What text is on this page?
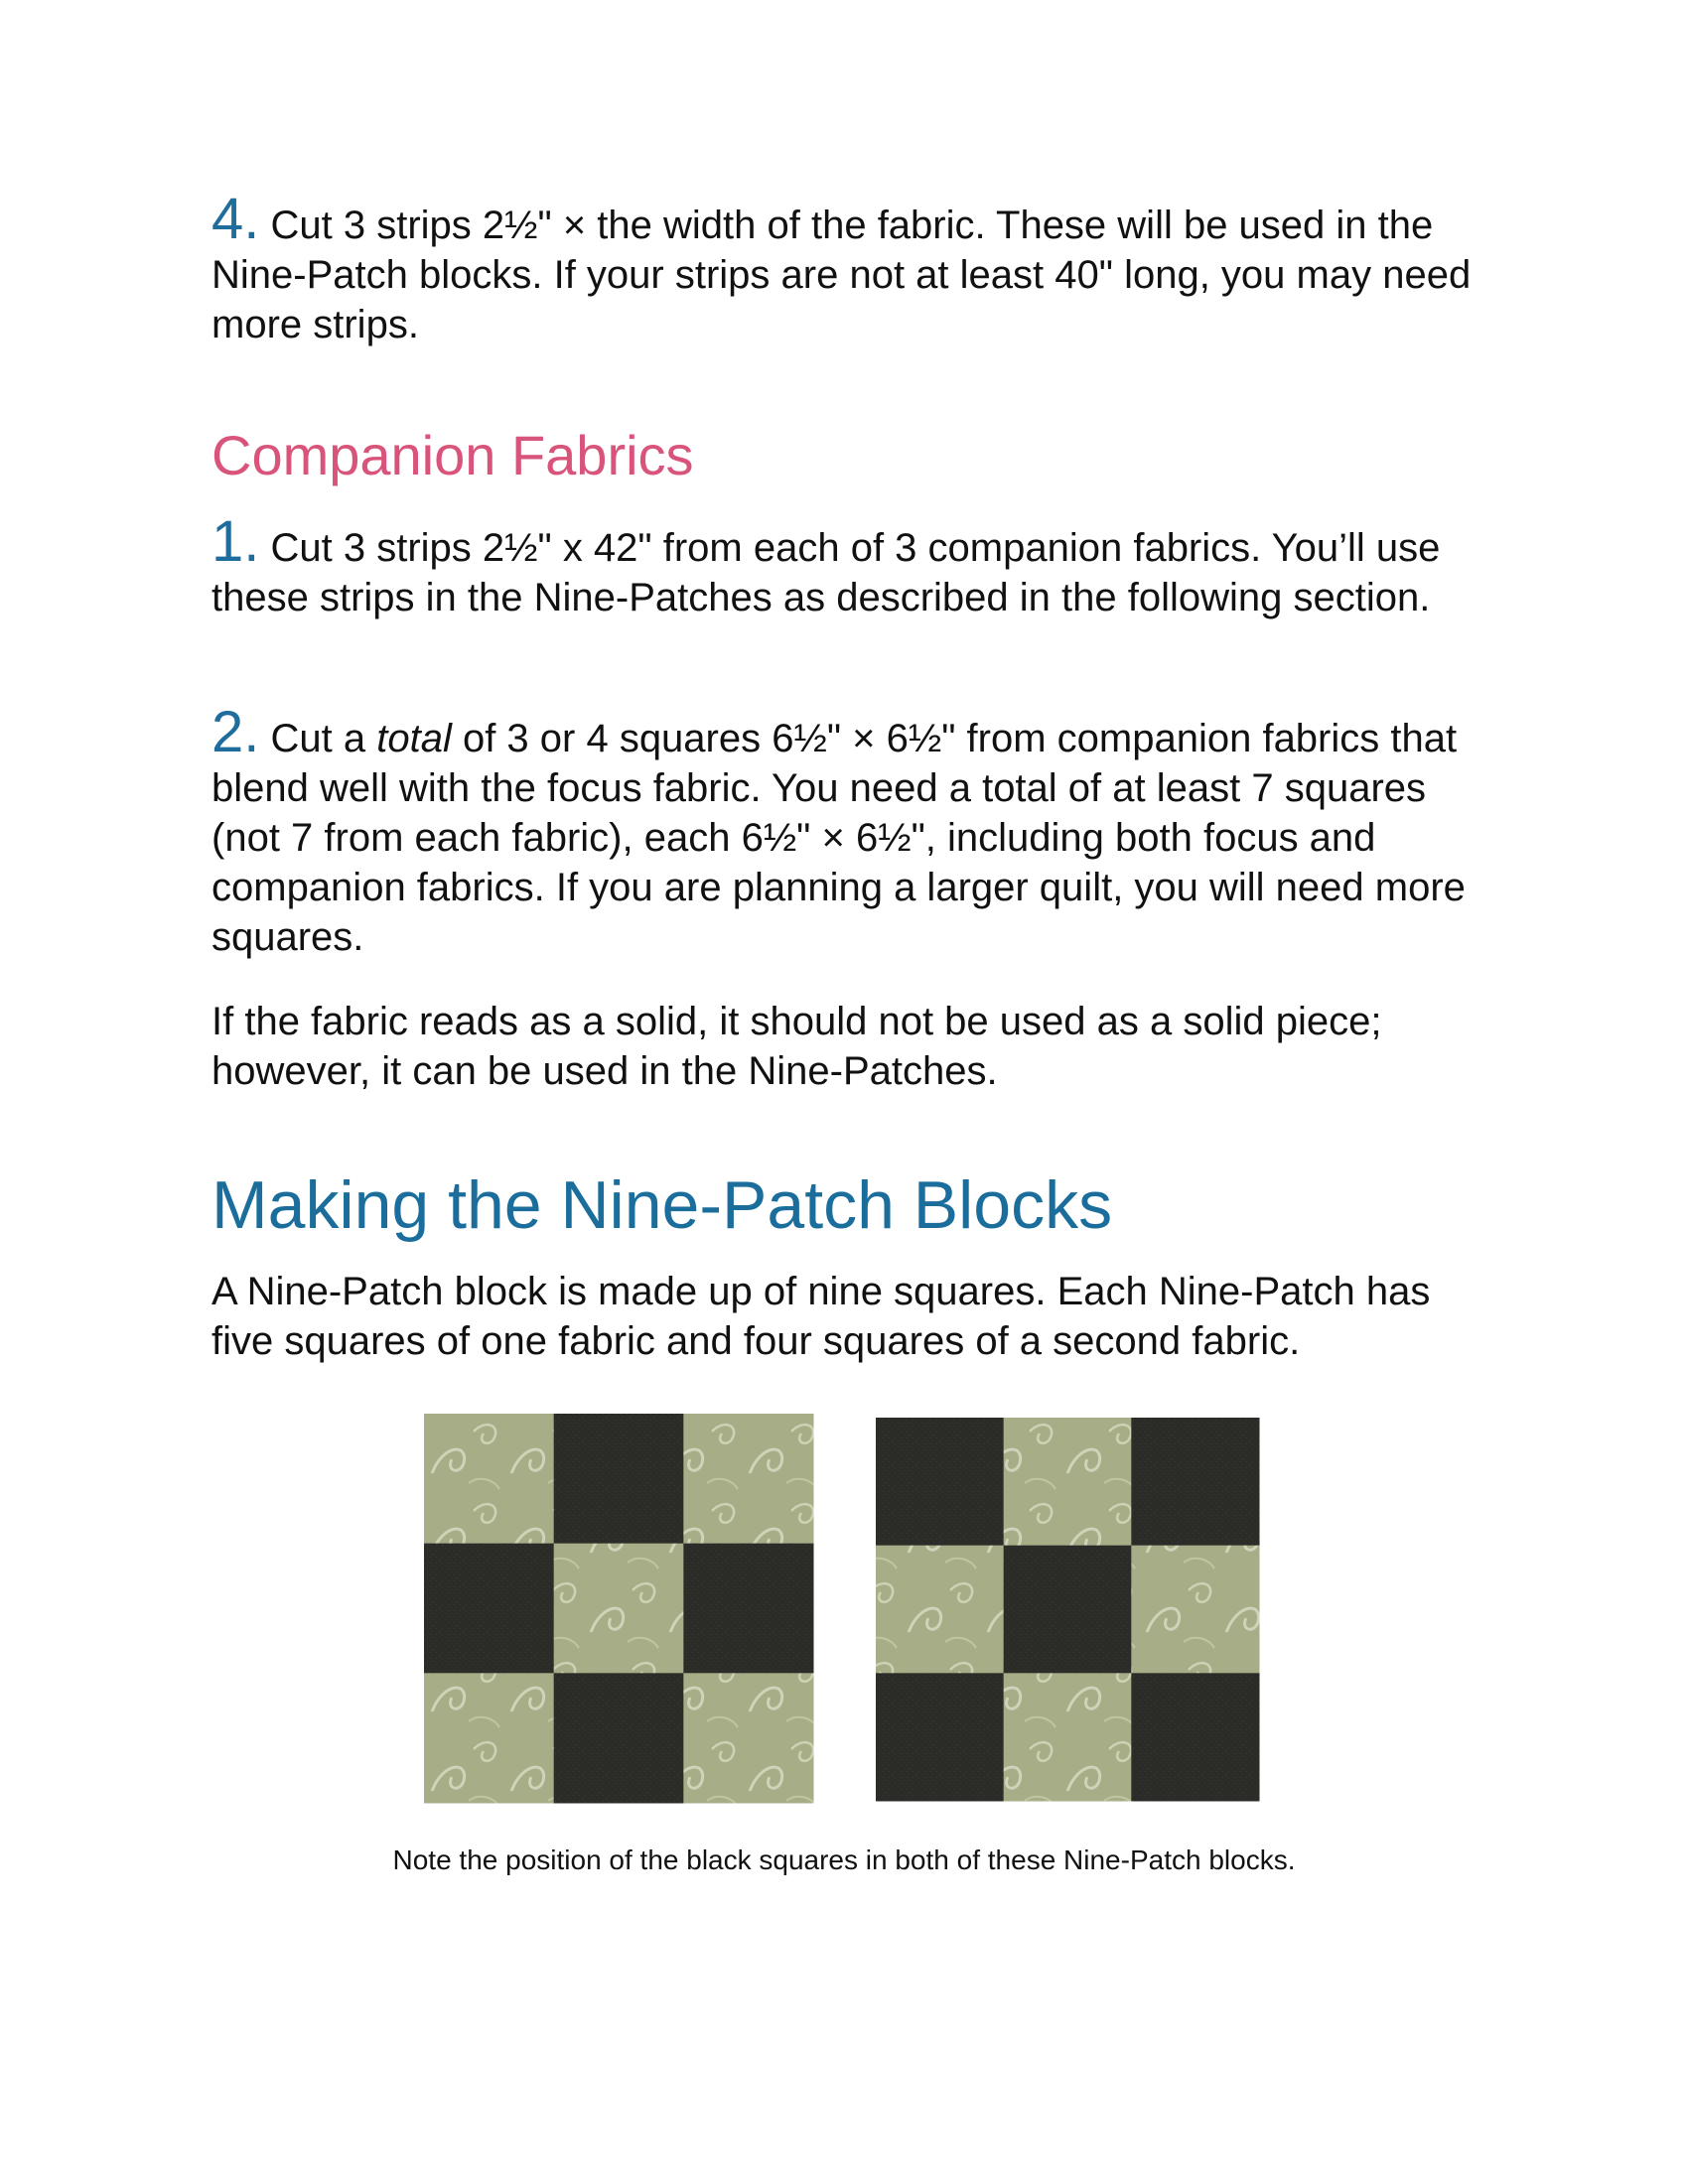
4. Cut 3 strips 2½" × the width of the fabric. These will be used in the Nine-Patch blocks. If your strips are not at least 40" long, you may need more strips.

Companion Fabrics

1. Cut 3 strips 2½" x 42" from each of 3 companion fabrics. You’ll use these strips in the Nine-Patches as described in the following section.

2. Cut a total of 3 or 4 squares 6½" × 6½" from companion fabrics that blend well with the focus fabric. You need a total of at least 7 squares (not 7 from each fabric), each 6½" × 6½", including both focus and companion fabrics. If you are planning a larger quilt, you will need more squares.

If the fabric reads as a solid, it should not be used as a solid piece; however, it can be used in the Nine-Patches.

Making the Nine-Patch Blocks

A Nine-Patch block is made up of nine squares. Each Nine-Patch has five squares of one fabric and four squares of a second fabric.

Note the position of the black squares in both of these Nine-Patch blocks.
